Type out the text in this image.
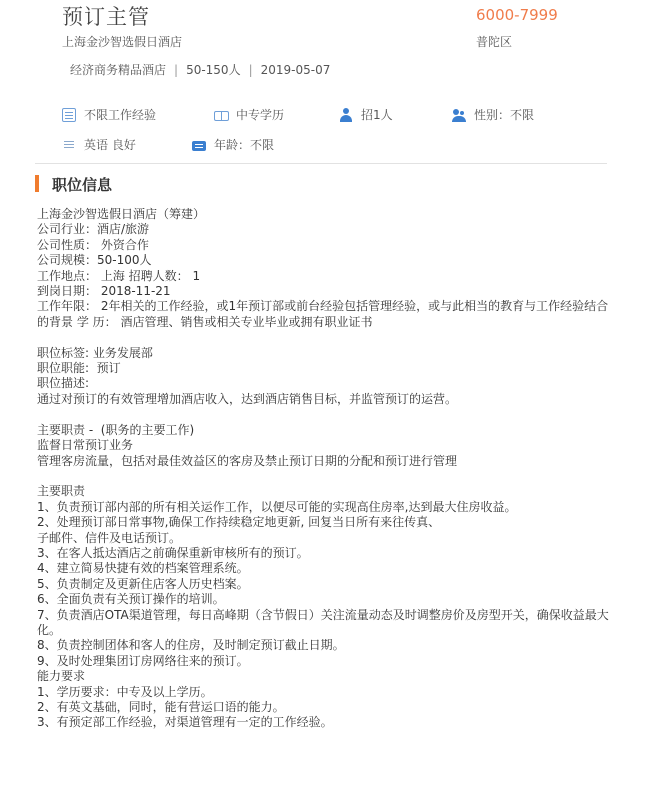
预订主管	6000-7999
上海金沙智选假日酒店	普陀区
经济商务精品酒店 | 50-150人 | 2019-05-07
不限工作经验	中专学历	招1人	性别：不限
英语 良好	年龄：不限
职位信息

上海金沙智选假日酒店（筹建）

公司行业：酒店/旅游

公司性质： 外资合作

公司规模：50-100人

工作地点： 上海 招聘人数： 1

到岗日期： 2018-11-21

工作年限： 2年相关的工作经验，或1年预订部或前台经验包括管理经验，或与此相当的教育与工作经验结合的背景 学 历： 酒店管理、销售或相关专业毕业或拥有职业证书

职位标签: 业务发展部

职位职能:  预订

职位描述:

通过对预订的有效管理增加酒店收入，达到酒店销售目标，并监管预订的运营。

主要职责 -  (职务的主要工作)

监督日常预订业务

管理客房流量，包括对最佳效益区的客房及禁止预订日期的分配和预订进行管理

主要职责

1、负责预订部内部的所有相关运作工作，以便尽可能的实现高住房率,达到最大住房收益。

2、处理预订部日常事物,确保工作持续稳定地更新, 回复当日所有来往传真、

子邮件、信件及电话预订。

3、在客人抵达酒店之前确保重新审核所有的预订。

4、建立简易快捷有效的档案管理系统。

5、负责制定及更新住店客人历史档案。

6、全面负责有关预订操作的培训。

7、负责酒店OTA渠道管理，每日高峰期（含节假日）关注流量动态及时调整房价及房型开关，确保收益最大化。

8、负责控制团体和客人的住房，及时制定预订截止日期。

9、及时处理集团订房网络往来的预订。

能力要求

1、学历要求：中专及以上学历。

2、有英文基础，同时，能有营运口语的能力。

3、有预定部工作经验，对渠道管理有一定的工作经验。
